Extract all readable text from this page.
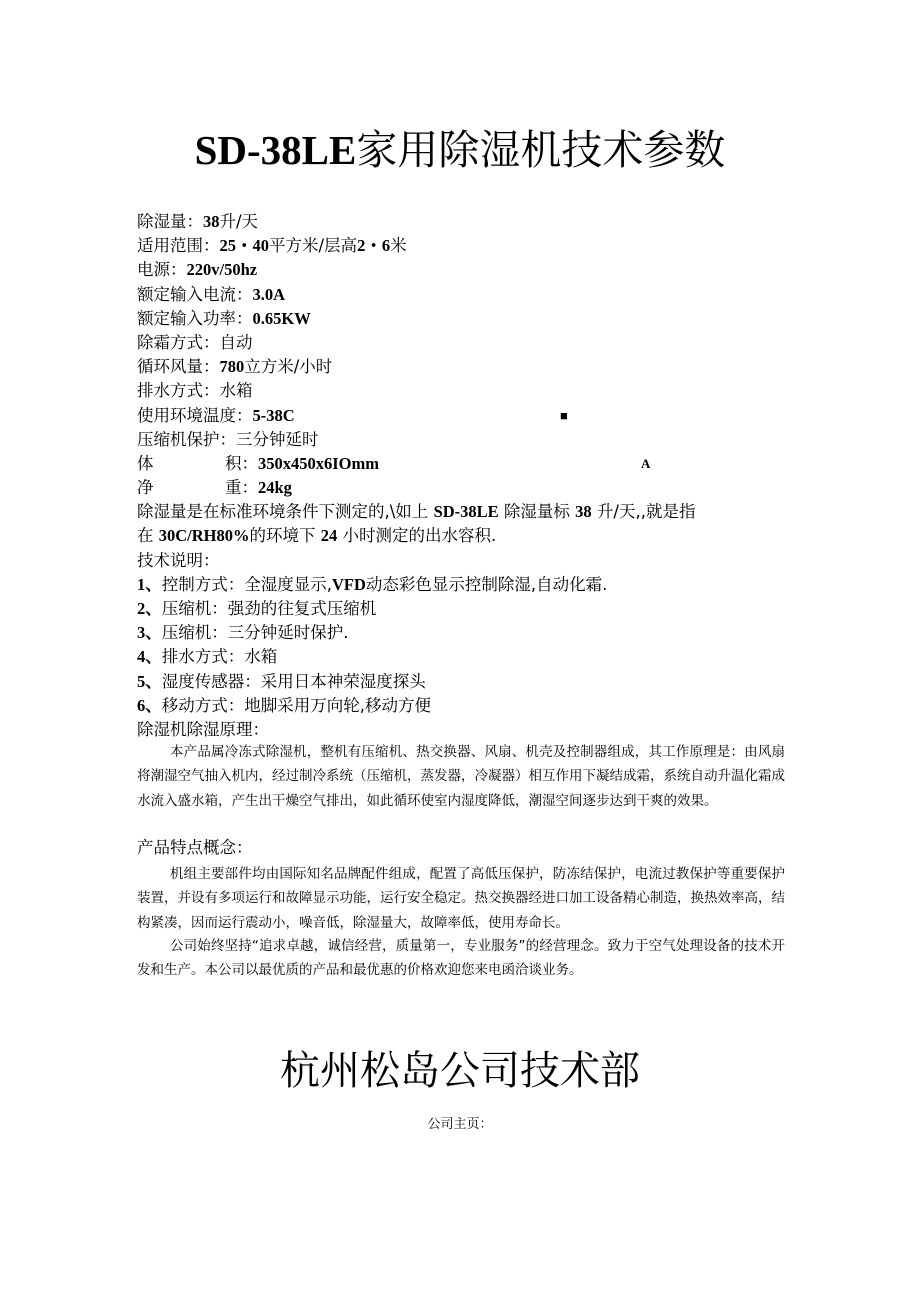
SD-38LE家用除湿机技术参数
除湿量：38升/天
适用范围：25・40平方米/层高2・6米
电源：220v/50hz
额定输入电流：3.0A
额定输入功率：0.65KW
除霜方式：自动
循环风量：780立方米/小时
排水方式：水箱
使用环境温度：5-38C	■
压缩机保护：三分钟延时
体	积：350x450x6IOmm	A
净	重：24kg
除湿量是在标准环境条件下测定的,\如上 SD-38LE 除湿量标 38 升/天,,就是指
在 30C/RH80%的环境下 24 小时测定的出水容积.
技术说明：
1、控制方式：全湿度显示,VFD动态彩色显示控制除湿,自动化霜.
2、压缩机：强劲的往复式压缩机
3、压缩机：三分钟延时保护.
4、排水方式：水箱
5、湿度传感器：采用日本神荣湿度探头
6、移动方式：地脚采用万向轮,移动方便
除湿机除湿原理：
本产品属冷冻式除湿机，整机有压缩机、热交换器、风扇、机壳及控制器组成，其工作原理是：由风扇将潮湿空气抽入机内，经过制冷系统（压缩机，蒸发器，冷凝器）相互作用下凝结成霜，系统自动升温化霜成水流入盛水箱，产生出干燥空气排出，如此循环使室内湿度降低，潮湿空间逐步达到干爽的效果。
产品特点概念：
机组主要部件均由国际知名品牌配件组成，配置了高低压保护，防冻结保护，电流过教保护等重要保护装置，并设有多项运行和故障显示功能，运行安全稳定。热交换器经进口加工设备精心制造，换热效率高，结构紧凑，因而运行震动小，噪音低，除湿量大，故障率低，使用寿命长。
公司始终坚持“追求卓越，诚信经营，质量第一，专业服务”的经营理念。致力于空气处理设备的技术开发和生产。本公司以最优质的产品和最优惠的价格欢迎您来电函洽谈业务。
杭州松岛公司技术部
公司主页：
